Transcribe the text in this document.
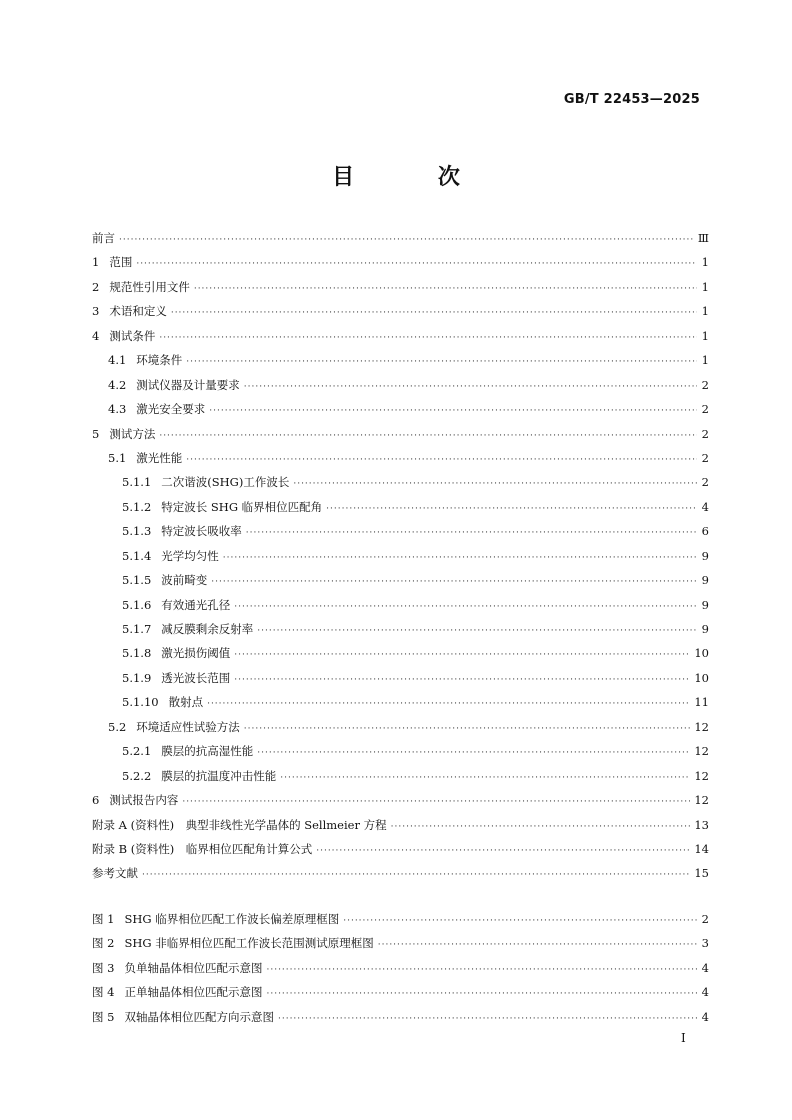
GB/T 22453—2025
目 次
前言 ·····	Ⅲ
1 范围 ·····	1
2 规范性引用文件 ·····	1
3 术语和定义 ·····	1
4 测试条件 ·····	1
4.1 环境条件 ·····	1
4.2 测试仪器及计量要求 ·····	2
4.3 激光安全要求 ·····	2
5 测试方法 ·····	2
5.1 激光性能 ·····	2
5.1.1 二次谐波(SHG)工作波长 ·····	2
5.1.2 特定波长 SHG 临界相位匹配角 ·····	4
5.1.3 特定波长吸收率 ·····	6
5.1.4 光学均匀性 ·····	9
5.1.5 波前畸变 ·····	9
5.1.6 有效通光孔径 ·····	9
5.1.7 减反膜剩余反射率 ·····	9
5.1.8 激光损伤阈值 ·····	10
5.1.9 透光波长范围 ·····	10
5.1.10 散射点 ·····	11
5.2 环境适应性试验方法 ·····	12
5.2.1 膜层的抗高湿性能 ·····	12
5.2.2 膜层的抗温度冲击性能 ·····	12
6 测试报告内容 ·····	12
附录 A (资料性)　典型非线性光学晶体的 Sellmeier 方程 ·····	13
附录 B (资料性)　临界相位匹配角计算公式 ·····	14
参考文献 ·····	15
图 1 SHG 临界相位匹配工作波长偏差原理框图 ·····	2
图 2 SHG 非临界相位匹配工作波长范围测试原理框图 ·····	3
图 3 负单轴晶体相位匹配示意图 ·····	4
图 4 正单轴晶体相位匹配示意图 ·····	4
图 5 双轴晶体相位匹配方向示意图 ·····	4
I
